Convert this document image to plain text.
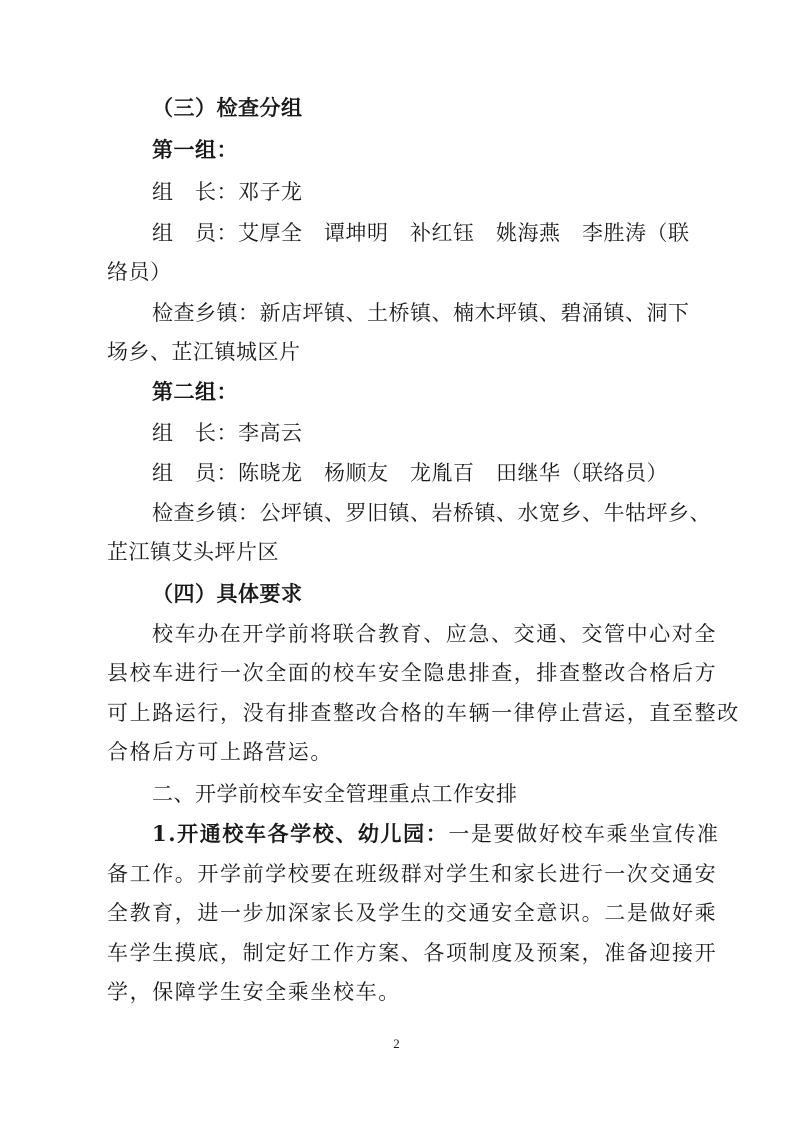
（三）检查分组
第一组：
组　长：邓子龙
组　员：艾厚全　谭坤明　补红钰　姚海燕　李胜涛（联
络员）
检查乡镇：新店坪镇、土桥镇、楠木坪镇、碧涌镇、洞下
场乡、芷江镇城区片
第二组：
组　长：李高云
组　员：陈晓龙　杨顺友　龙胤百　田继华（联络员）
检查乡镇：公坪镇、罗旧镇、岩桥镇、水宽乡、牛牯坪乡、
芷江镇艾头坪片区
（四）具体要求
校车办在开学前将联合教育、应急、交通、交管中心对全
县校车进行一次全面的校车安全隐患排查，排查整改合格后方
可上路运行，没有排查整改合格的车辆一律停止营运，直至整改
合格后方可上路营运。
二、开学前校车安全管理重点工作安排
1.开通校车各学校、幼儿园：一是要做好校车乘坐宣传准
备工作。开学前学校要在班级群对学生和家长进行一次交通安
全教育，进一步加深家长及学生的交通安全意识。二是做好乘
车学生摸底，制定好工作方案、各项制度及预案，准备迎接开
学，保障学生安全乘坐校车。
2
